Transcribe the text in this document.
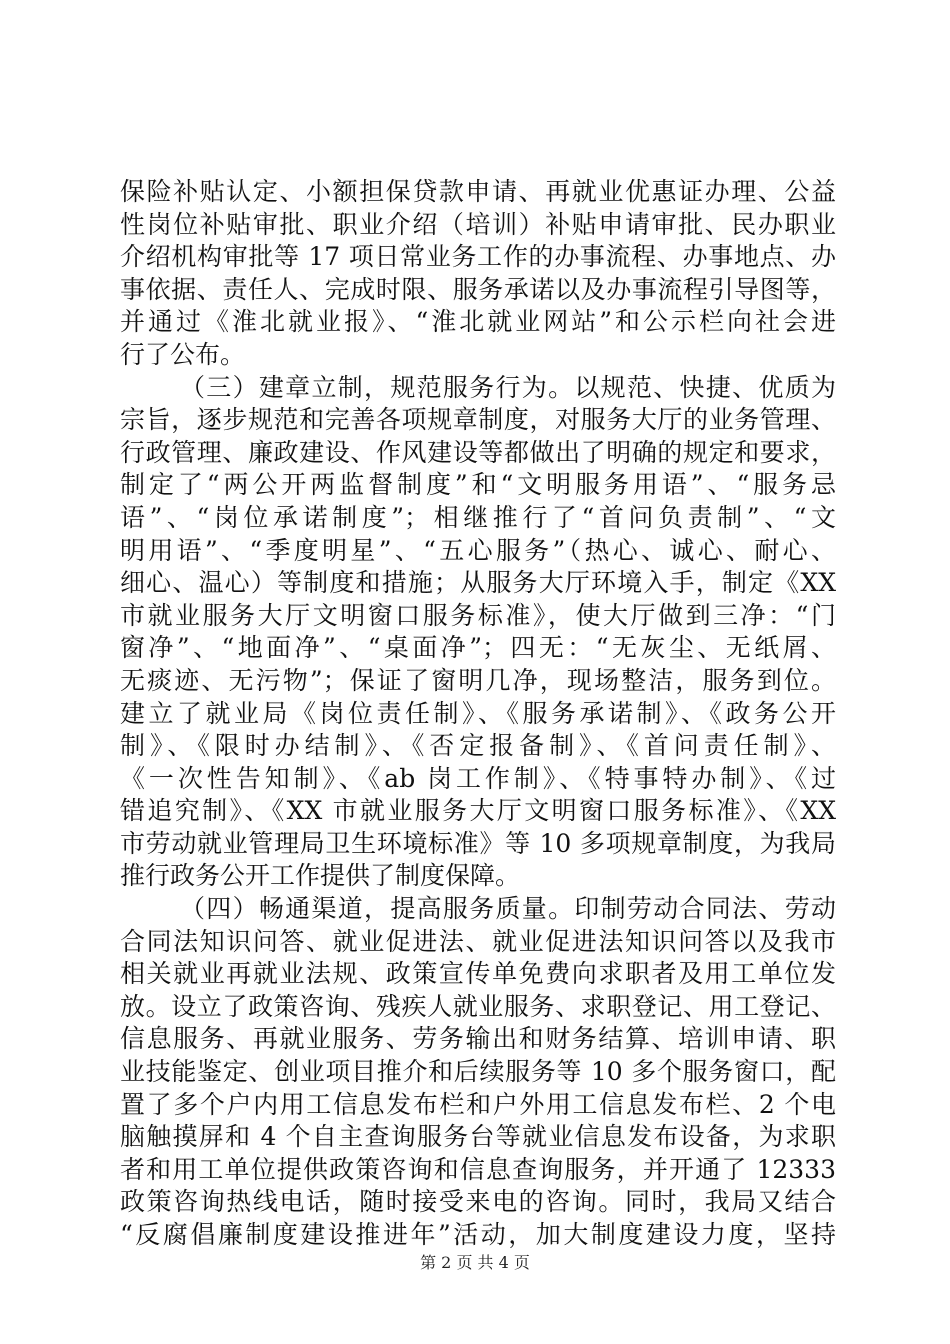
保险补贴认定、小额担保贷款申请、再就业优惠证办理、公益
性岗位补贴审批、职业介绍（培训）补贴申请审批、民办职业
介绍机构审批等 17 项日常业务工作的办事流程、办事地点、办
事依据、责任人、完成时限、服务承诺以及办事流程引导图等，
并通过《淮北就业报》、“淮北就业网站”和公示栏向社会进
行了公布。
（三）建章立制，规范服务行为。以规范、快捷、优质为
宗旨，逐步规范和完善各项规章制度，对服务大厅的业务管理、
行政管理、廉政建设、作风建设等都做出了明确的规定和要求，
制定了“两公开两监督制度”和“文明服务用语”、“服务忌
语”、“岗位承诺制度”；相继推行了“首问负责制”、“文
明用语”、“季度明星”、“五心服务”（热心、诚心、耐心、
细心、温心）等制度和措施；从服务大厅环境入手，制定《XX
市就业服务大厅文明窗口服务标准》，使大厅做到三净：“门
窗净”、“地面净”、“桌面净”；四无：“无灰尘、无纸屑、
无痰迹、无污物”；保证了窗明几净，现场整洁，服务到位。
建立了就业局《岗位责任制》、《服务承诺制》、《政务公开
制》、《限时办结制》、《否定报备制》、《首问责任制》、
《一次性告知制》、《ab 岗工作制》、《特事特办制》、《过
错追究制》、《XX 市就业服务大厅文明窗口服务标准》、《XX
市劳动就业管理局卫生环境标准》等 10 多项规章制度，为我局
推行政务公开工作提供了制度保障。
（四）畅通渠道，提高服务质量。印制劳动合同法、劳动
合同法知识问答、就业促进法、就业促进法知识问答以及我市
相关就业再就业法规、政策宣传单免费向求职者及用工单位发
放。设立了政策咨询、残疾人就业服务、求职登记、用工登记、
信息服务、再就业服务、劳务输出和财务结算、培训申请、职
业技能鉴定、创业项目推介和后续服务等 10 多个服务窗口，配
置了多个户内用工信息发布栏和户外用工信息发布栏、2 个电
脑触摸屏和 4 个自主查询服务台等就业信息发布设备，为求职
者和用工单位提供政策咨询和信息查询服务，并开通了 12333
政策咨询热线电话，随时接受来电的咨询。同时，我局又结合
“反腐倡廉制度建设推进年”活动，加大制度建设力度，坚持
第 2 页 共 4 页
